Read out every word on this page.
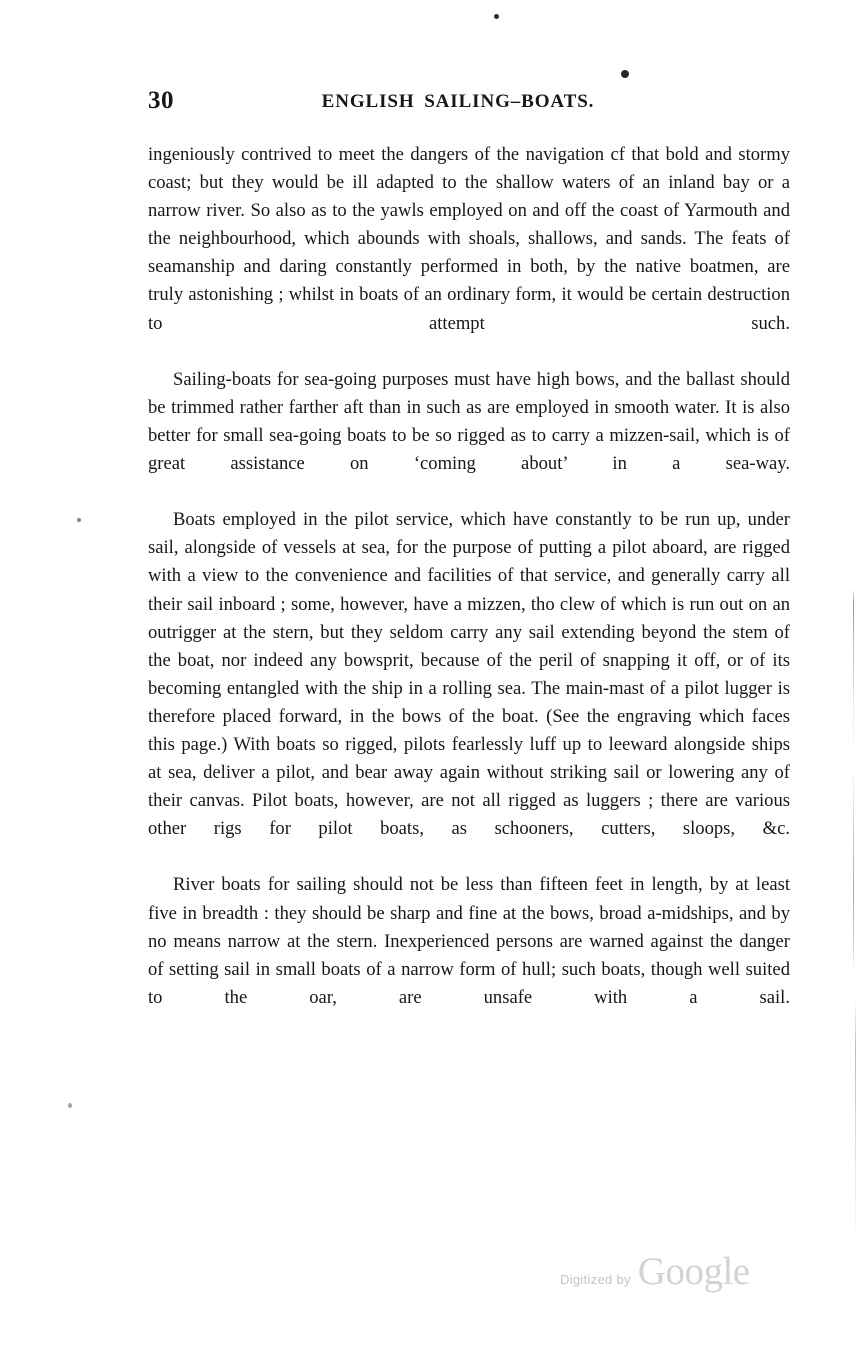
30	ENGLISH SAILING–BOATS.

ingeniously contrived to meet the dangers of the navigation cf that bold and stormy coast; but they would be ill adapted to the shallow waters of an inland bay or a narrow river. So also as to the yawls employed on and off the coast of Yarmouth and the neighbourhood, which abounds with shoals, shallows, and sands. The feats of seamanship and daring constantly performed in both, by the native boatmen, are truly astonishing ; whilst in boats of an ordinary form, it would be certain destruction to attempt such.

Sailing-boats for sea-going purposes must have high bows, and the ballast should be trimmed rather farther aft than in such as are employed in smooth water. It is also better for small sea-going boats to be so rigged as to carry a mizzen-sail, which is of great assistance on ‘coming about’ in a sea-way.

Boats employed in the pilot service, which have constantly to be run up, under sail, alongside of vessels at sea, for the purpose of putting a pilot aboard, are rigged with a view to the convenience and facilities of that service, and generally carry all their sail inboard ; some, however, have a mizzen, tho clew of which is run out on an outrigger at the stern, but they seldom carry any sail extending beyond the stem of the boat, nor indeed any bowsprit, because of the peril of snapping it off, or of its becoming entangled with the ship in a rolling sea. The main-mast of a pilot lugger is therefore placed forward, in the bows of the boat. (See the engraving which faces this page.) With boats so rigged, pilots fearlessly luff up to leeward alongside ships at sea, deliver a pilot, and bear away again without striking sail or lowering any of their canvas. Pilot boats, however, are not all rigged as luggers ; there are various other rigs for pilot boats, as schooners, cutters, sloops, &c.

River boats for sailing should not be less than fifteen feet in length, by at least five in breadth : they should be sharp and fine at the bows, broad a-midships, and by no means narrow at the stern. Inexperienced persons are warned against the danger of setting sail in small boats of a narrow form of hull; such boats, though well suited to the oar, are unsafe with a sail.

Digitized by Google
